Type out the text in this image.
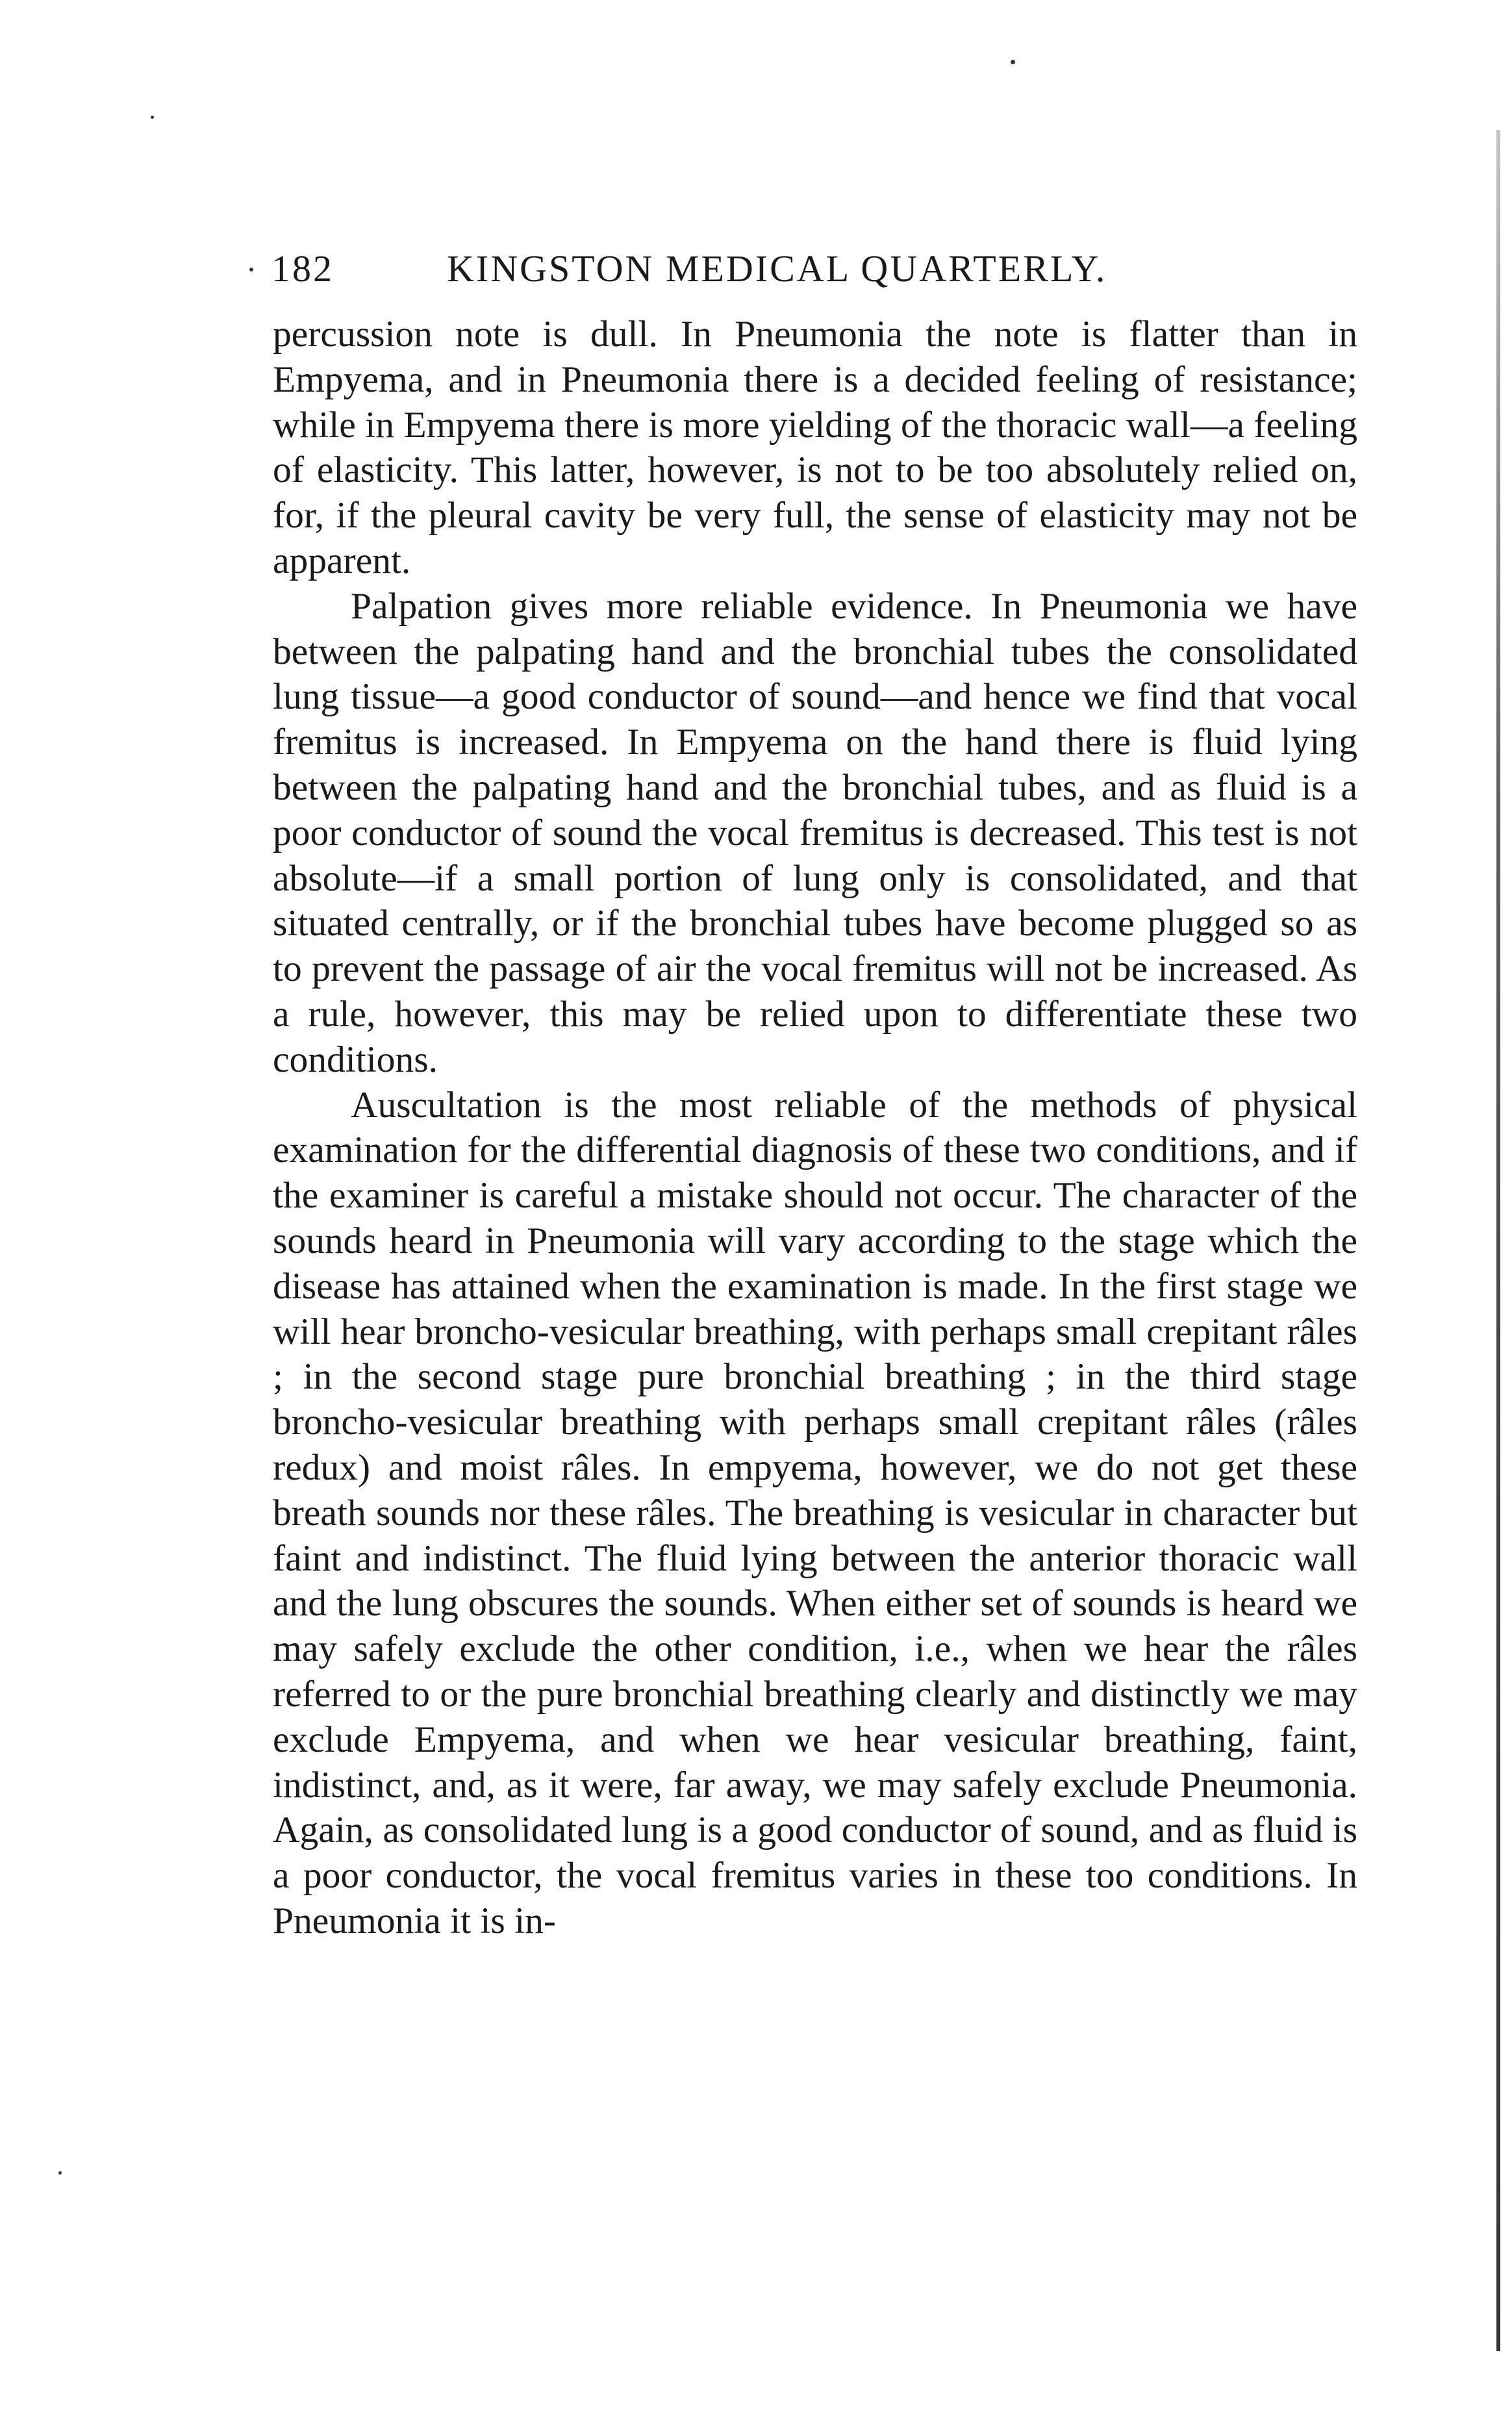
182	KINGSTON MEDICAL QUARTERLY.

percussion note is dull. In Pneumonia the note is flatter than in Empyema, and in Pneumonia there is a decided feeling of resistance; while in Empyema there is more yielding of the thoracic wall—a feeling of elasticity. This latter, however, is not to be too absolutely relied on, for, if the pleural cavity be very full, the sense of elasticity may not be apparent.

Palpation gives more reliable evidence. In Pneumonia we have between the palpating hand and the bronchial tubes the consolidated lung tissue—a good conductor of sound—and hence we find that vocal fremitus is increased. In Empyema on the hand there is fluid lying between the palpating hand and the bronchial tubes, and as fluid is a poor conductor of sound the vocal fremitus is decreased. This test is not absolute—if a small portion of lung only is consolidated, and that situated centrally, or if the bronchial tubes have become plugged so as to prevent the passage of air the vocal fremitus will not be increased. As a rule, however, this may be relied upon to differentiate these two conditions.

Auscultation is the most reliable of the methods of physical examination for the differential diagnosis of these two conditions, and if the examiner is careful a mistake should not occur. The character of the sounds heard in Pneumonia will vary according to the stage which the disease has attained when the examination is made. In the first stage we will hear broncho-vesicular breathing, with perhaps small crepitant râles ; in the second stage pure bronchial breathing ; in the third stage broncho-vesicular breathing with perhaps small crepitant râles (râles redux) and moist râles. In empyema, however, we do not get these breath sounds nor these râles. The breathing is vesicular in character but faint and indistinct. The fluid lying between the anterior thoracic wall and the lung obscures the sounds. When either set of sounds is heard we may safely exclude the other condition, i.e., when we hear the râles referred to or the pure bronchial breathing clearly and distinctly we may exclude Empyema, and when we hear vesicular breathing, faint, indistinct, and, as it were, far away, we may safely exclude Pneumonia. Again, as consolidated lung is a good conductor of sound, and as fluid is a poor conductor, the vocal fremitus varies in these too conditions. In Pneumonia it is in-
